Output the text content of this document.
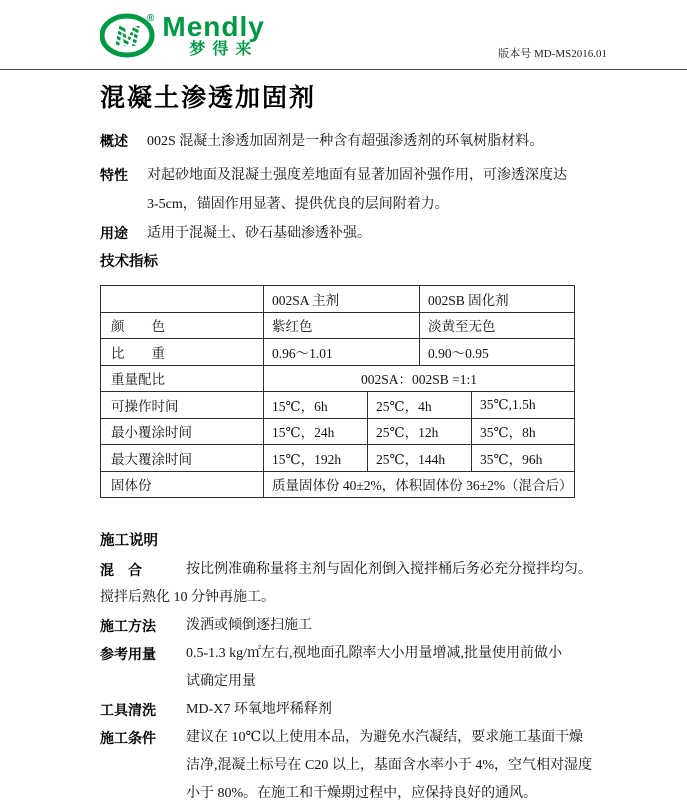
M
® Mendly
梦得来	版本号 MD-MS2016.01
混凝土渗透加固剂
概述	002S 混凝土渗透加固剂是一种含有超强渗透剂的环氧树脂材料。
特性	对起砂地面及混凝土强度差地面有显著加固补强作用，可渗透深度达
3-5cm，锚固作用显著、提供优良的层间附着力。
用途	适用于混凝土、砂石基础渗透补强。
技术指标
	002SA 主剂		002SB 固化剂	
颜　　色	紫红色		淡黄至无色	
比　　重	0.96～1.01		0.90～0.95	
重量配比	002SA：002SB =1:1			
可操作时间	15℃，6h	25℃，4h		35℃,1.5h
最小覆涂时间	15℃，24h	25℃，12h		35℃，8h
最大覆涂时间	15℃，192h	25℃，144h		35℃，96h
固体份	质量固体份 40±2%，体积固体份 36±2%（混合后）			
施工说明
混　合	按比例准确称量将主剂与固化剂倒入搅拌桶后务必充分搅拌均匀。
搅拌后熟化 10 分钟再施工。
施工方法	泼洒或倾倒逐扫施工
参考用量	0.5-1.3 kg/㎡左右,视地面孔隙率大小用量增减,批量使用前做小
试确定用量
工具清洗	MD-X7 环氧地坪稀释剂
施工条件	建议在 10℃以上使用本品，为避免水汽凝结，要求施工基面干燥
洁净,混凝土标号在 C20 以上，基面含水率小于 4%，空气相对湿度
小于 80%。在施工和干燥期过程中，应保持良好的通风。
